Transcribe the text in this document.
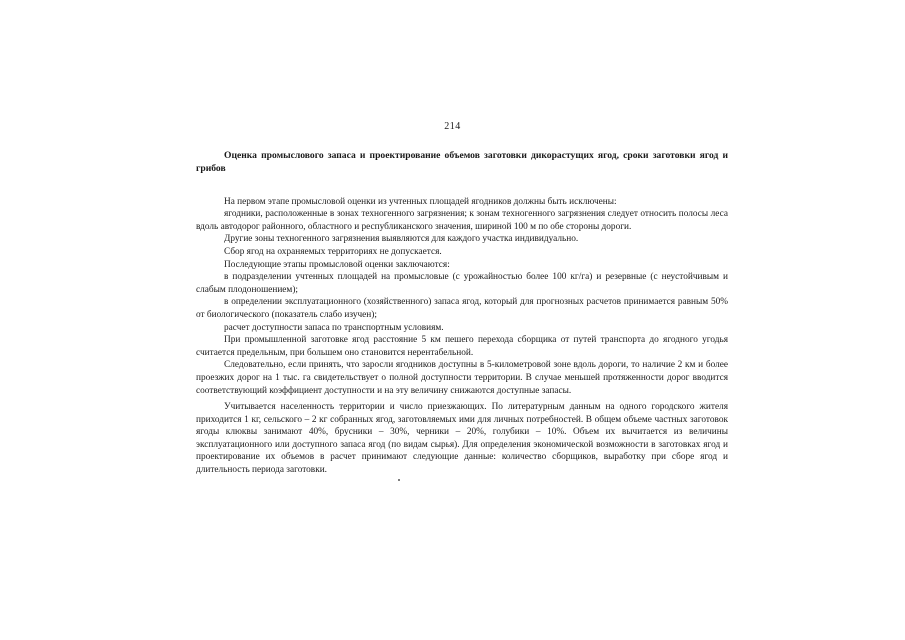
214

Оценка промыслового запаса и проектирование объемов заготовки дикорастущих ягод, сроки заготовки ягод и грибов

На первом этапе промысловой оценки из учтенных площадей ягодников должны быть исключены:

ягодники, расположенные в зонах техногенного загрязнения; к зонам техногенного загрязнения следует относить полосы леса вдоль автодорог районного, областного и республиканского значения, шириной 100 м по обе стороны дороги.

Другие зоны техногенного загрязнения выявляются для каждого участка индивидуально.

Сбор ягод на охраняемых территориях не допускается.

Последующие этапы промысловой оценки заключаются:

в подразделении учтенных площадей на промысловые (с урожайностью более 100 кг/га) и резервные (с неустойчивым и слабым плодоношением);

в определении эксплуатационного (хозяйственного) запаса ягод, который для прогнозных расчетов принимается равным 50% от биологического (показатель слабо изучен);

расчет доступности запаса по транспортным условиям.

При промышленной заготовке ягод расстояние 5 км пешего перехода сборщика от путей транспорта до ягодного угодья считается предельным, при большем оно становится нерентабельной.

Следовательно, если принять, что заросли ягодников доступны в 5-километровой зоне вдоль дороги, то наличие 2 км и более проезжих дорог на 1 тыс. га свидетельствует о полной доступности территории. В случае меньшей протяженности дорог вводится соответствующий коэффициент доступности и на эту величину снижаются доступные запасы.

Учитывается населенность территории и число приезжающих. По литературным данным на одного городского жителя приходится 1 кг, сельского – 2 кг собранных ягод, заготовляемых ими для личных потребностей. В общем объеме частных заготовок ягоды клюквы занимают 40%, брусники – 30%, черники – 20%, голубики – 10%. Объем их вычитается из величины эксплуатационного или доступного запаса ягод (по видам сырья). Для определения экономической возможности в заготовках ягод и проектирование их объемов в расчет принимают следующие данные: количество сборщиков, выработку при сборе ягод и длительность периода заготовки.
